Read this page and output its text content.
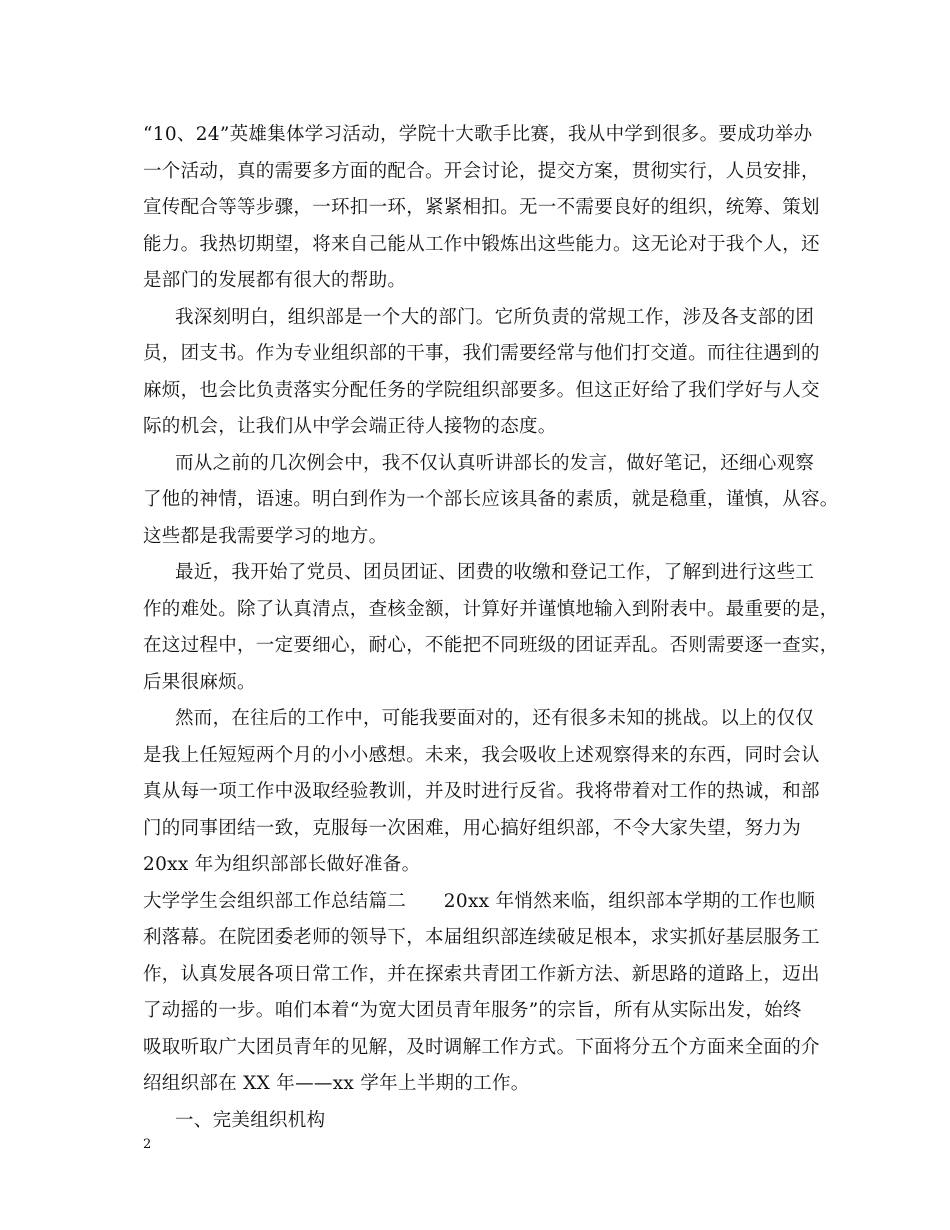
“10、24”英雄集体学习活动，学院十大歌手比赛，我从中学到很多。要成功举办
一个活动，真的需要多方面的配合。开会讨论，提交方案，贯彻实行，人员安排，
宣传配合等等步骤，一环扣一环，紧紧相扣。无一不需要良好的组织，统筹、策划
能力。我热切期望，将来自己能从工作中锻炼出这些能力。这无论对于我个人，还
是部门的发展都有很大的帮助。
我深刻明白，组织部是一个大的部门。它所负责的常规工作，涉及各支部的团
员，团支书。作为专业组织部的干事，我们需要经常与他们打交道。而往往遇到的
麻烦，也会比负责落实分配任务的学院组织部要多。但这正好给了我们学好与人交
际的机会，让我们从中学会端正待人接物的态度。
而从之前的几次例会中，我不仅认真听讲部长的发言，做好笔记，还细心观察
了他的神情，语速。明白到作为一个部长应该具备的素质，就是稳重，谨慎，从容。
这些都是我需要学习的地方。
最近，我开始了党员、团员团证、团费的收缴和登记工作，了解到进行这些工
作的难处。除了认真清点，查核金额，计算好并谨慎地输入到附表中。最重要的是，
在这过程中，一定要细心，耐心，不能把不同班级的团证弄乱。否则需要逐一查实，
后果很麻烦。
然而，在往后的工作中，可能我要面对的，还有很多未知的挑战。以上的仅仅
是我上任短短两个月的小小感想。未来，我会吸收上述观察得来的东西，同时会认
真从每一项工作中汲取经验教训，并及时进行反省。我将带着对工作的热诚，和部
门的同事团结一致，克服每一次困难，用心搞好组织部，不令大家失望，努力为
20xx 年为组织部部长做好准备。
大学学生会组织部工作总结篇二　　20xx 年悄然来临，组织部本学期的工作也顺
利落幕。在院团委老师的领导下，本届组织部连续破足根本，求实抓好基层服务工
作，认真发展各项日常工作，并在探索共青团工作新方法、新思路的道路上，迈出
了动摇的一步。咱们本着“为宽大团员青年服务”的宗旨，所有从实际出发，始终
吸取听取广大团员青年的见解，及时调解工作方式。下面将分五个方面来全面的介
绍组织部在 XX 年——xx 学年上半期的工作。
一、完美组织机构
2
